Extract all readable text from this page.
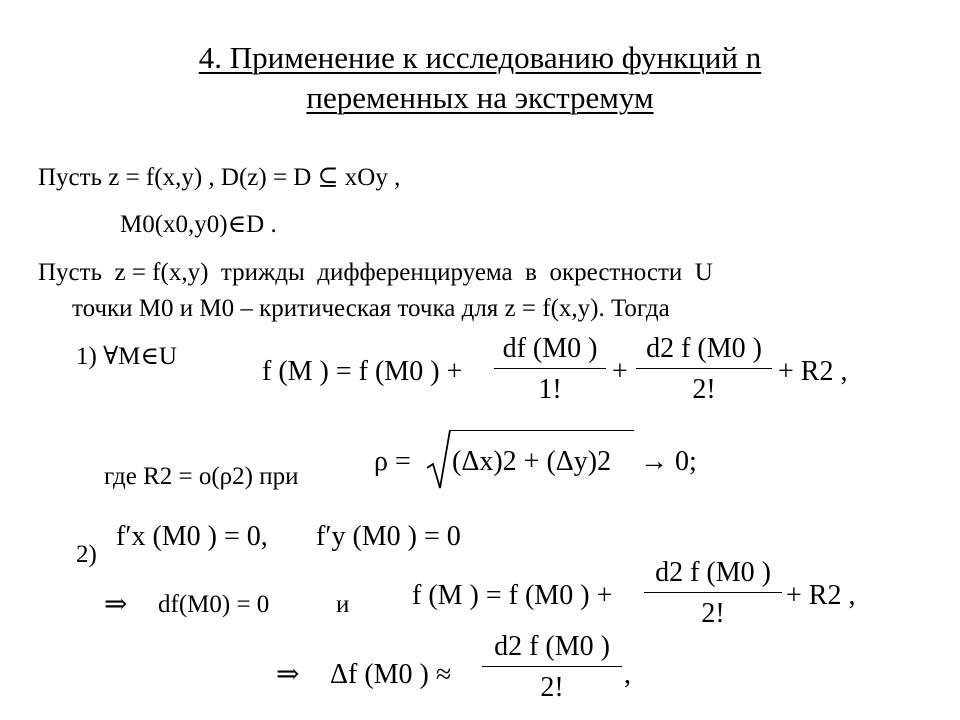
4. Применение к исследованию функций n
переменных на экстремум
Пусть z = f(x,y) , D(z) = D ⊆ xOy ,
M0(x0,y0)∈D .
Пусть  z = f(x,y)  трижды  дифференцируема  в  окрестности  U
точки M0 и M0 – критическая точка для z = f(x,y). Тогда
1) ∀M∈U	f (M ) = f (M0 ) +
df (M0 )
1!
+
d2 f (M0 )
2!
+ R2 ,
где R2 = o(ρ2) при	ρ = (Δx)2 + (Δy)2 → 0;
f′x (M0 ) = 0, f′y (M0 ) = 0
2)
⇒ df(M0) = 0	и f (M ) = f (M0 ) +
d2 f (M0 )
2!
+ R2 ,
⇒ Δf (M0 ) ≈
d2 f (M0 )
2!	,
